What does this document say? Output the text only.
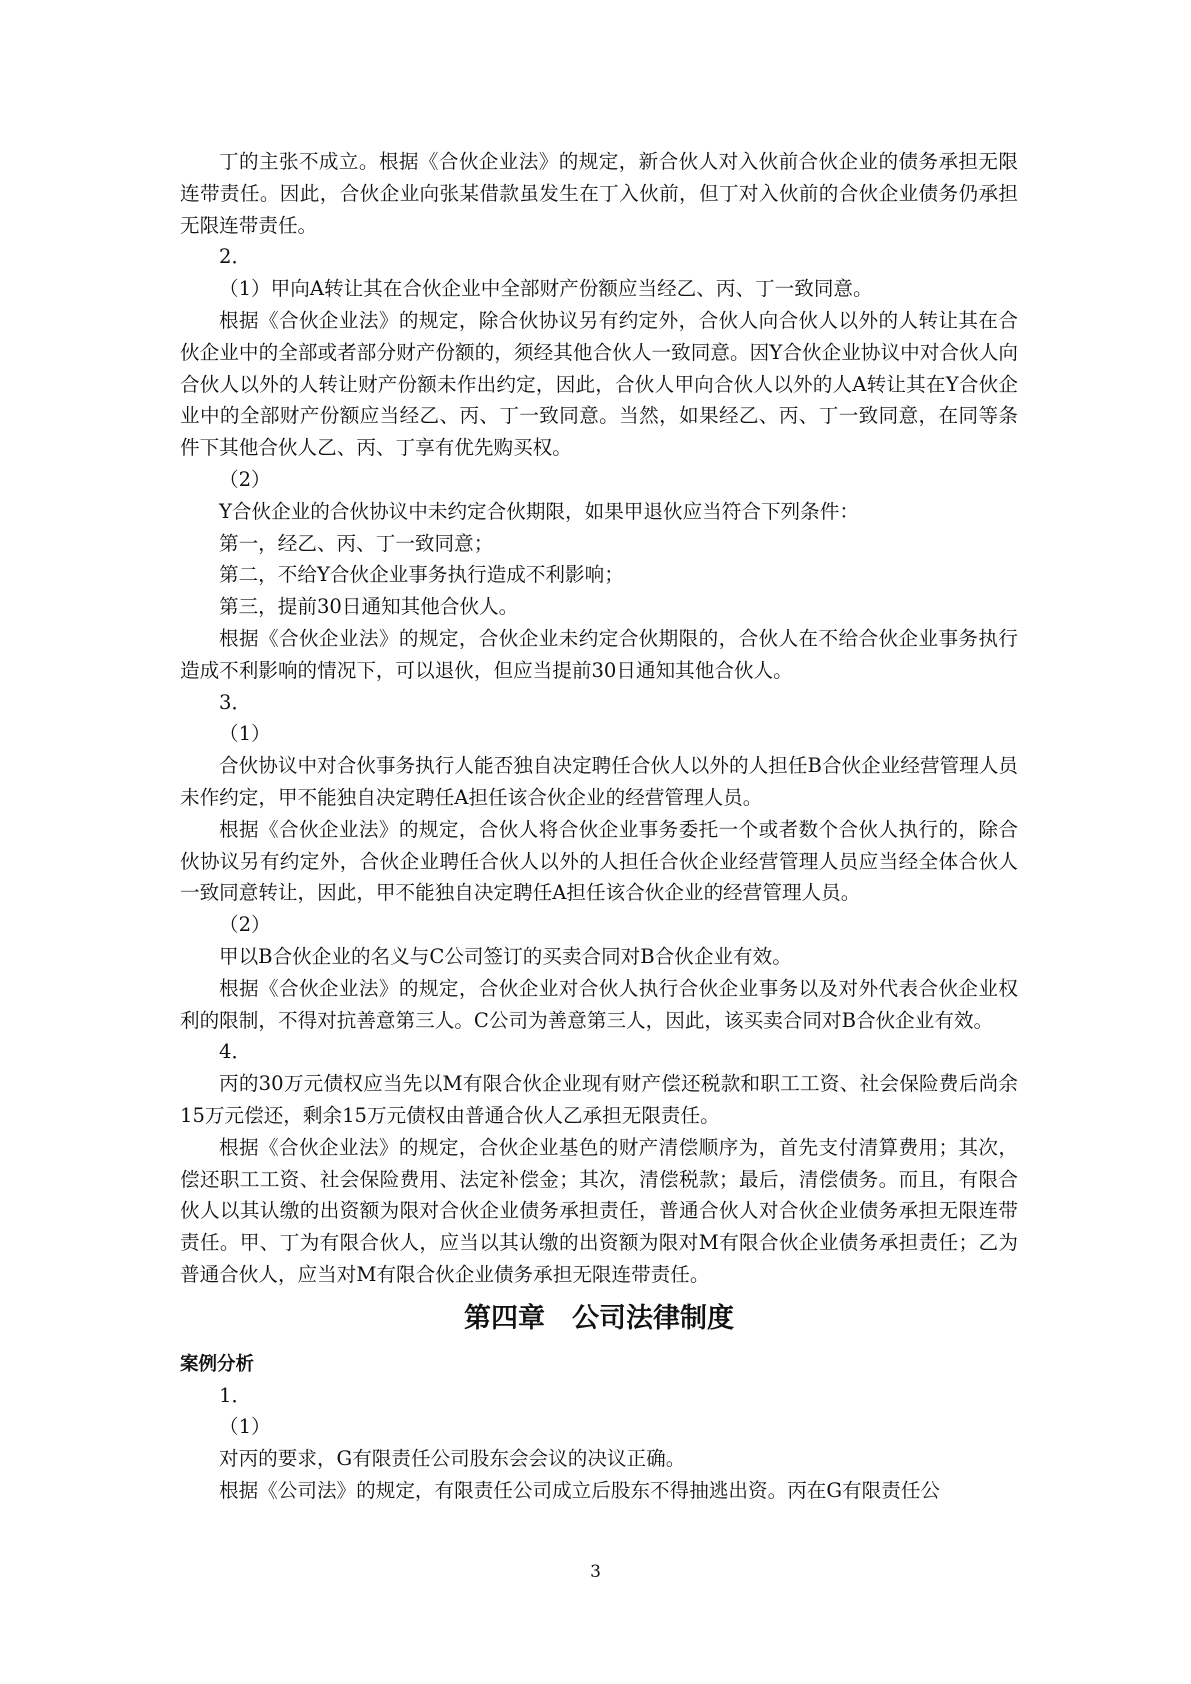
丁的主张不成立。根据《合伙企业法》的规定，新合伙人对入伙前合伙企业的债务承担无限连带责任。因此，合伙企业向张某借款虽发生在丁入伙前，但丁对入伙前的合伙企业债务仍承担无限连带责任。

2．

（1）甲向A转让其在合伙企业中全部财产份额应当经乙、丙、丁一致同意。

根据《合伙企业法》的规定，除合伙协议另有约定外，合伙人向合伙人以外的人转让其在合伙企业中的全部或者部分财产份额的，须经其他合伙人一致同意。因Y合伙企业协议中对合伙人向合伙人以外的人转让财产份额未作出约定，因此，合伙人甲向合伙人以外的人A转让其在Y合伙企业中的全部财产份额应当经乙、丙、丁一致同意。当然，如果经乙、丙、丁一致同意，在同等条件下其他合伙人乙、丙、丁享有优先购买权。

（2）

Y合伙企业的合伙协议中未约定合伙期限，如果甲退伙应当符合下列条件：

第一，经乙、丙、丁一致同意；

第二，不给Y合伙企业事务执行造成不利影响；

第三，提前30日通知其他合伙人。

根据《合伙企业法》的规定，合伙企业未约定合伙期限的，合伙人在不给合伙企业事务执行造成不利影响的情况下，可以退伙，但应当提前30日通知其他合伙人。

3．

（1）

合伙协议中对合伙事务执行人能否独自决定聘任合伙人以外的人担任B合伙企业经营管理人员未作约定，甲不能独自决定聘任A担任该合伙企业的经营管理人员。

根据《合伙企业法》的规定，合伙人将合伙企业事务委托一个或者数个合伙人执行的，除合伙协议另有约定外，合伙企业聘任合伙人以外的人担任合伙企业经营管理人员应当经全体合伙人一致同意转让，因此，甲不能独自决定聘任A担任该合伙企业的经营管理人员。

（2）

甲以B合伙企业的名义与C公司签订的买卖合同对B合伙企业有效。

根据《合伙企业法》的规定，合伙企业对合伙人执行合伙企业事务以及对外代表合伙企业权利的限制，不得对抗善意第三人。C公司为善意第三人，因此，该买卖合同对B合伙企业有效。

4．

丙的30万元债权应当先以M有限合伙企业现有财产偿还税款和职工工资、社会保险费后尚余15万元偿还，剩余15万元债权由普通合伙人乙承担无限责任。

根据《合伙企业法》的规定，合伙企业基色的财产清偿顺序为，首先支付清算费用；其次，偿还职工工资、社会保险费用、法定补偿金；其次，清偿税款；最后，清偿债务。而且，有限合伙人以其认缴的出资额为限对合伙企业债务承担责任，普通合伙人对合伙企业债务承担无限连带责任。甲、丁为有限合伙人，应当以其认缴的出资额为限对M有限合伙企业债务承担责任；乙为普通合伙人，应当对M有限合伙企业债务承担无限连带责任。

第四章　公司法律制度

案例分析

1．

（1）

对丙的要求，G有限责任公司股东会会议的决议正确。

根据《公司法》的规定，有限责任公司成立后股东不得抽逃出资。丙在G有限责任公

3
